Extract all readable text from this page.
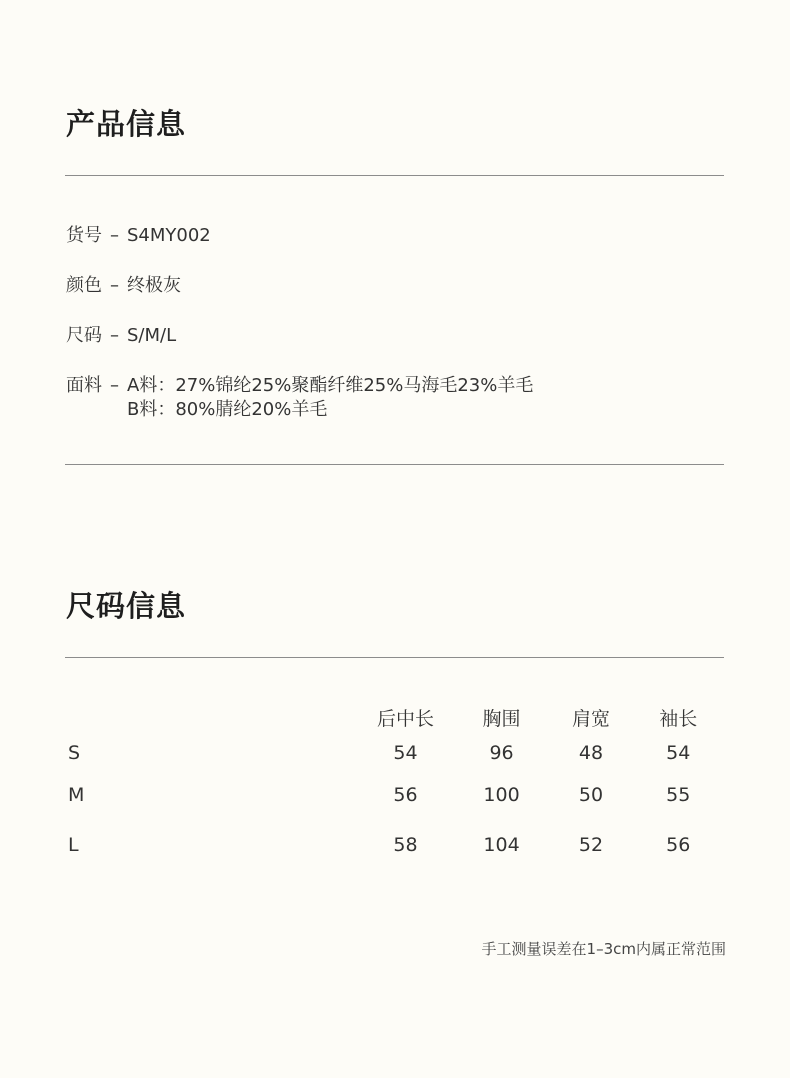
产品信息
货号 – S4MY002
颜色 – 终极灰
尺码 – S/M/L
面料 – A料：27%锦纶25%聚酯纤维25%马海毛23%羊毛
B料：80%腈纶20%羊毛
尺码信息
	后中长	胸围	肩宽	袖长
S	54	96	48	54
M	56	100	50	55
L	58	104	52	56
手工测量误差在1–3cm内属正常范围
